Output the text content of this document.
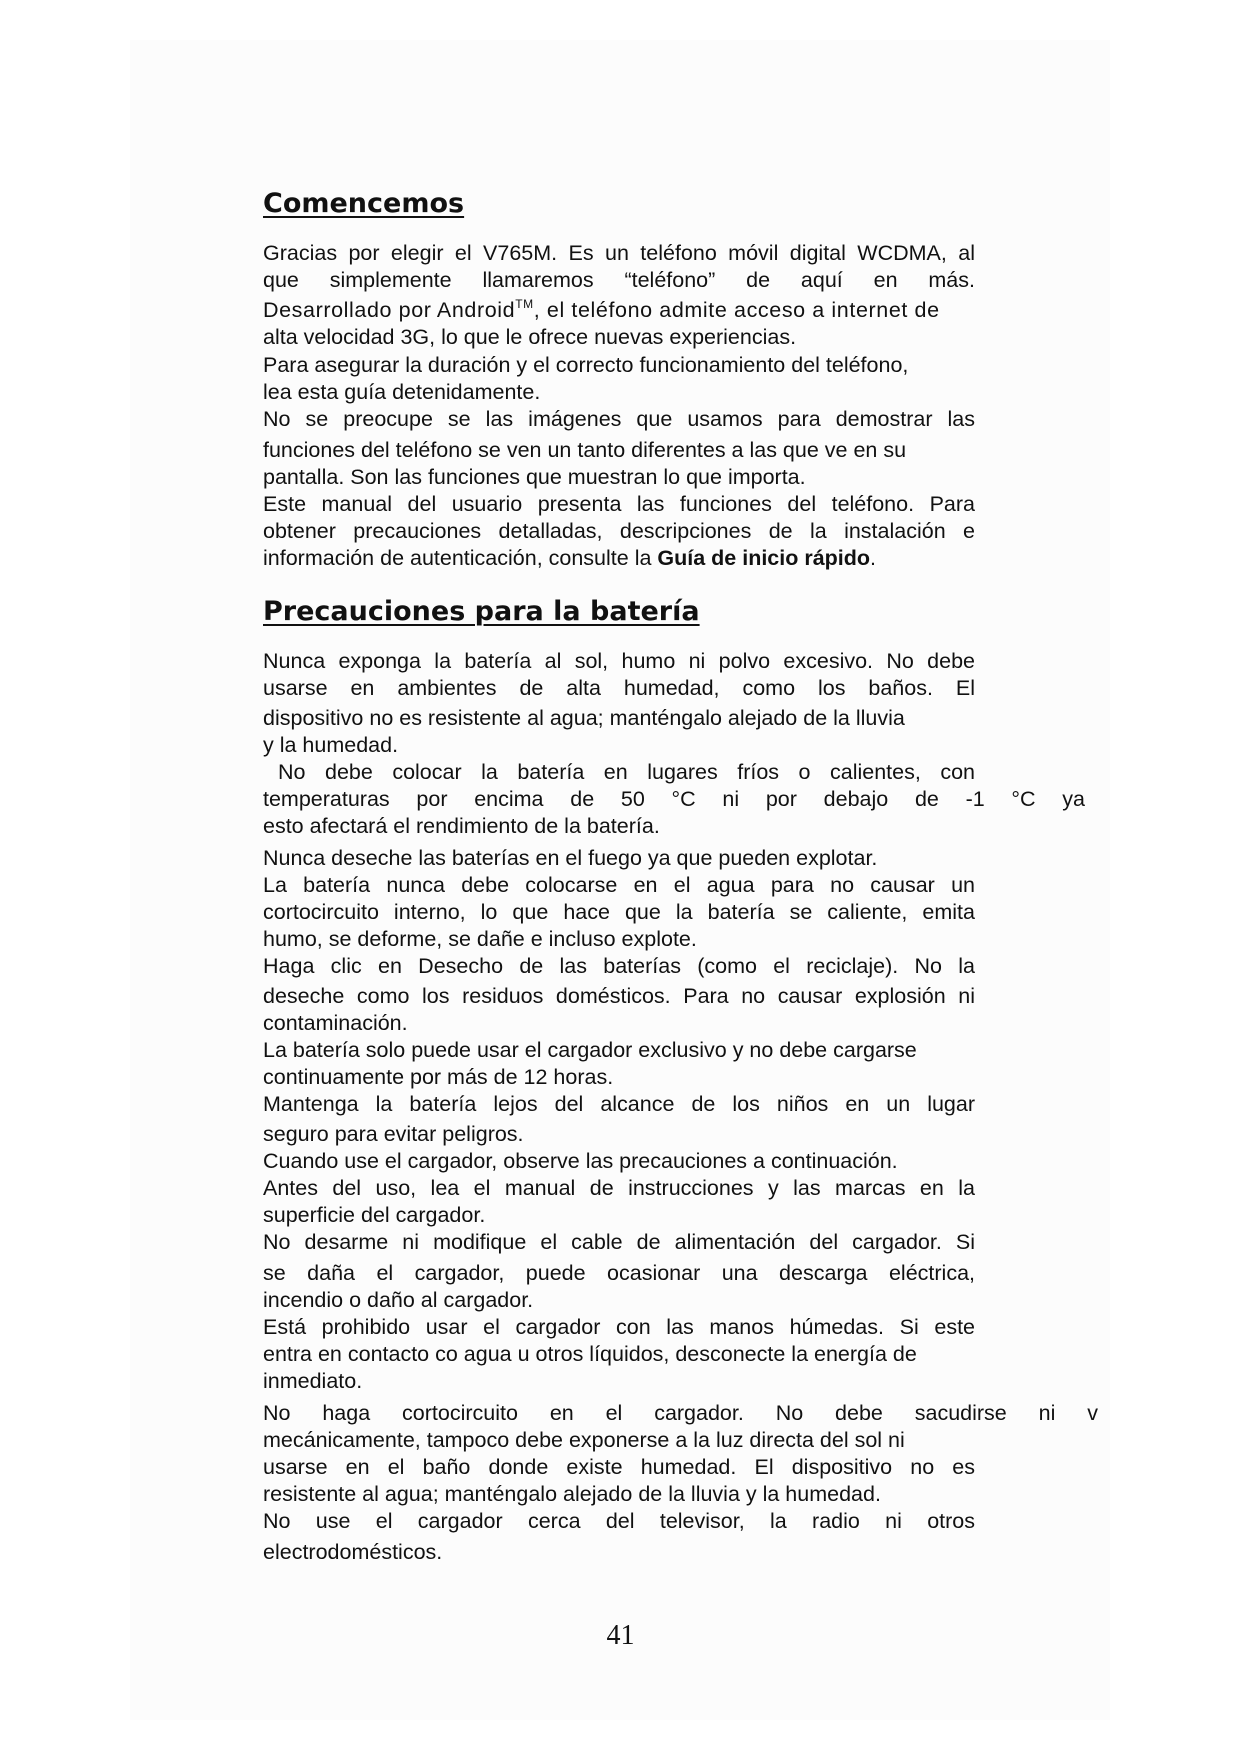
Comencemos
Gracias por elegir el V765M. Es un teléfono móvil digital WCDMA, al
que simplemente llamaremos “teléfono” de aquí en más.
Desarrollado por Android™, el teléfono admite acceso a internet de
alta velocidad 3G, lo que le ofrece nuevas experiencias.
Para asegurar la duración y el correcto funcionamiento del teléfono,
lea esta guía detenidamente.
No se preocupe se las imágenes que usamos para demostrar las
funciones del teléfono se ven un tanto diferentes a las que ve en su
pantalla. Son las funciones que muestran lo que importa.
Este manual del usuario presenta las funciones del teléfono. Para
obtener precauciones detalladas, descripciones de la instalación e
información de autenticación, consulte la Guía de inicio rápido.
Precauciones para la batería
Nunca exponga la batería al sol, humo ni polvo excesivo. No debe
usarse en ambientes de alta humedad, como los baños. El
dispositivo no es resistente al agua; manténgalo alejado de la lluvia
y la humedad.
No debe colocar la batería en lugares fríos o calientes, con
temperaturas por encima de 50 °C ni por debajo de -1 °C ya
esto afectará el rendimiento de la batería.
Nunca deseche las baterías en el fuego ya que pueden explotar.
La batería nunca debe colocarse en el agua para no causar un
cortocircuito interno, lo que hace que la batería se caliente, emita
humo, se deforme, se dañe e incluso explote.
Haga clic en Desecho de las baterías (como el reciclaje). No la
deseche como los residuos domésticos. Para no causar explosión ni
contaminación.
La batería solo puede usar el cargador exclusivo y no debe cargarse
continuamente por más de 12 horas.
Mantenga la batería lejos del alcance de los niños en un lugar
seguro para evitar peligros.
Cuando use el cargador, observe las precauciones a continuación.
Antes del uso, lea el manual de instrucciones y las marcas en la
superficie del cargador.
No desarme ni modifique el cable de alimentación del cargador. Si
se daña el cargador, puede ocasionar una descarga eléctrica,
incendio o daño al cargador.
Está prohibido usar el cargador con las manos húmedas. Si este
entra en contacto co agua u otros líquidos, desconecte la energía de
inmediato.
No haga cortocircuito en el cargador. No debe sacudirse ni v
mecánicamente, tampoco debe exponerse a la luz directa del sol ni
usarse en el baño donde existe humedad. El dispositivo no es
resistente al agua; manténgalo alejado de la lluvia y la humedad.
No use el cargador cerca del televisor, la radio ni otros
electrodomésticos.
41
